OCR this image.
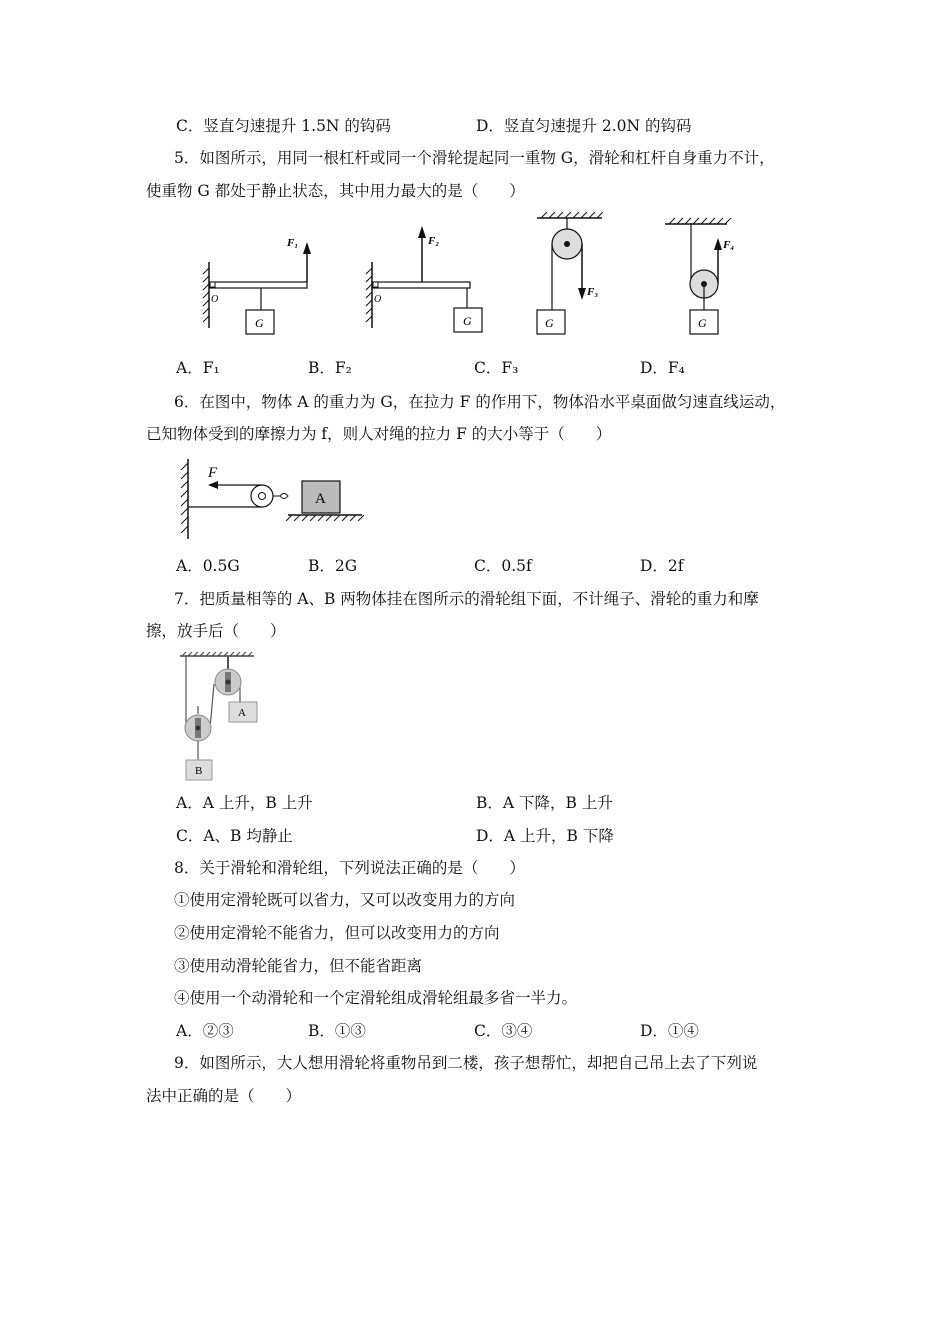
C．竖直匀速提升 1.5N 的钩码	D．竖直匀速提升 2.0N 的钩码
5．如图所示，用同一根杠杆或同一个滑轮提起同一重物 G，滑轮和杠杆自身重力不计，
使重物 G 都处于静止状态，其中用力最大的是（　　）
O
G
F₁
O
G
F₂
G
F₃
G
F₄
A．F₁	B．F₂	C．F₃	D．F₄
6．在图中，物体 A 的重力为 G，在拉力 F 的作用下，物体沿水平桌面做匀速直线运动，
已知物体受到的摩擦力为 f，则人对绳的拉力 F 的大小等于（　　）
F
A
A．0.5G	B．2G	C．0.5f	D．2f
7．把质量相等的 A、B 两物体挂在图所示的滑轮组下面，不计绳子、滑轮的重力和摩
擦，放手后（　　）
A
B
A．A 上升，B 上升	B．A 下降，B 上升
C．A、B 均静止	D．A 上升，B 下降
8．关于滑轮和滑轮组，下列说法正确的是（　　）
①使用定滑轮既可以省力，又可以改变用力的方向
②使用定滑轮不能省力，但可以改变用力的方向
③使用动滑轮能省力，但不能省距离
④使用一个动滑轮和一个定滑轮组成滑轮组最多省一半力。
A．②③	B．①③	C．③④	D．①④
9．如图所示，大人想用滑轮将重物吊到二楼，孩子想帮忙，却把自己吊上去了下列说
法中正确的是（　　）
